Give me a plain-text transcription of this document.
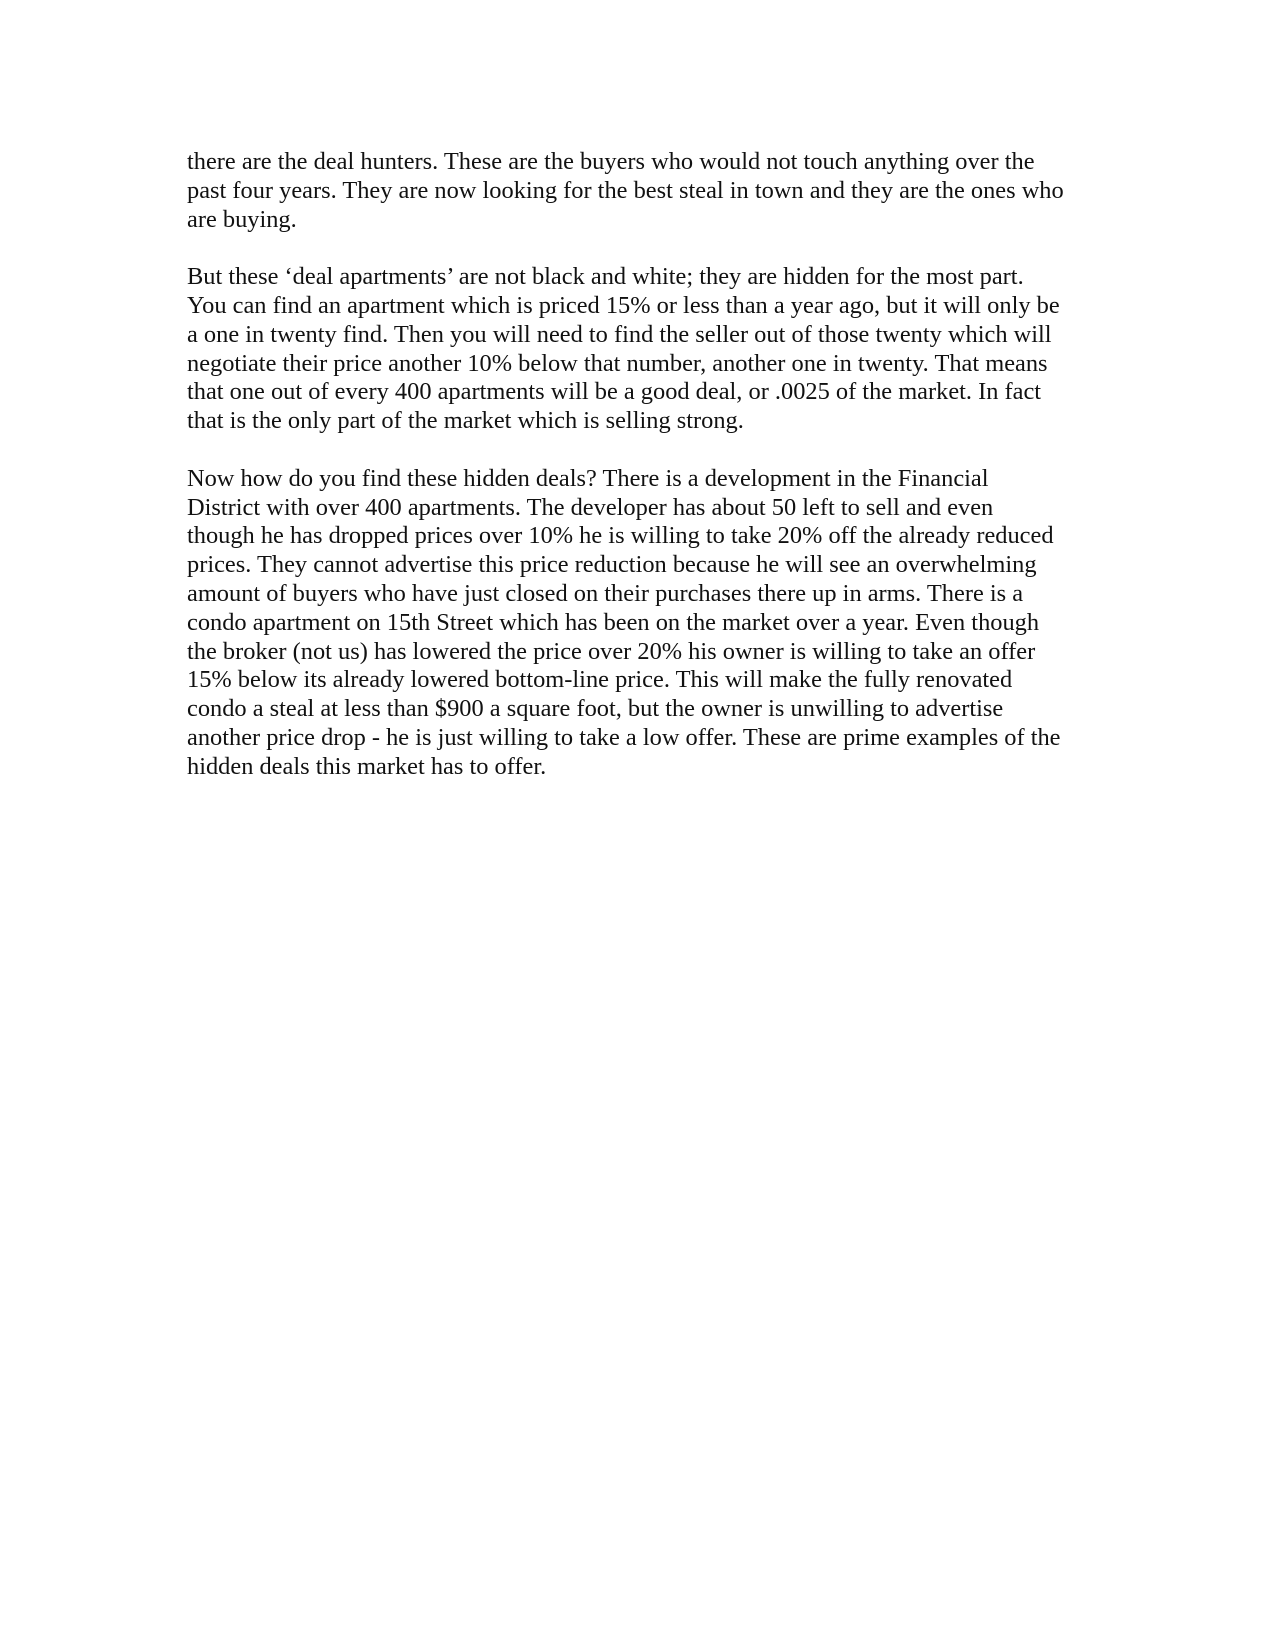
there are the deal hunters. These are the buyers who would not touch anything over the
past four years. They are now looking for the best steal in town and they are the ones who
are buying.

But these ‘deal apartments’ are not black and white; they are hidden for the most part.
You can find an apartment which is priced 15% or less than a year ago, but it will only be
a one in twenty find. Then you will need to find the seller out of those twenty which will
negotiate their price another 10% below that number, another one in twenty. That means
that one out of every 400 apartments will be a good deal, or .0025 of the market. In fact
that is the only part of the market which is selling strong.

Now how do you find these hidden deals? There is a development in the Financial
District with over 400 apartments. The developer has about 50 left to sell and even
though he has dropped prices over 10% he is willing to take 20% off the already reduced
prices. They cannot advertise this price reduction because he will see an overwhelming
amount of buyers who have just closed on their purchases there up in arms. There is a
condo apartment on 15th Street which has been on the market over a year. Even though
the broker (not us) has lowered the price over 20% his owner is willing to take an offer
15% below its already lowered bottom-line price. This will make the fully renovated
condo a steal at less than $900 a square foot, but the owner is unwilling to advertise
another price drop - he is just willing to take a low offer. These are prime examples of the
hidden deals this market has to offer.
